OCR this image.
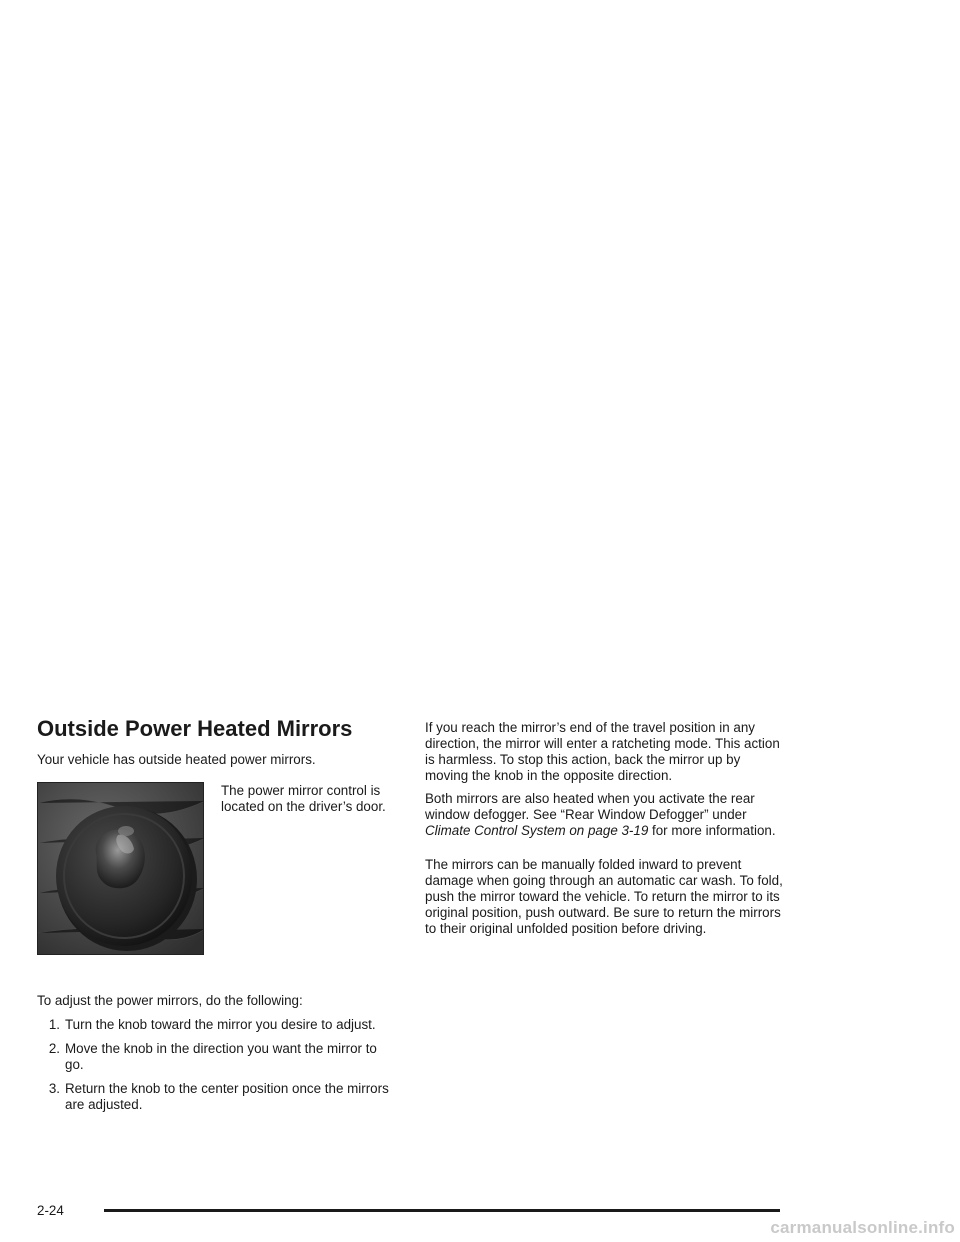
Outside Power Heated Mirrors

Your vehicle has outside heated power mirrors.

The power mirror control is located on the driver’s door.

To adjust the power mirrors, do the following:

1. Turn the knob toward the mirror you desire to adjust.
2. Move the knob in the direction you want the mirror to go.
3. Return the knob to the center position once the mirrors are adjusted.

If you reach the mirror’s end of the travel position in any direction, the mirror will enter a ratcheting mode. This action is harmless. To stop this action, back the mirror up by moving the knob in the opposite direction.

Both mirrors are also heated when you activate the rear window defogger. See “Rear Window Defogger” under Climate Control System on page 3-19 for more information.

The mirrors can be manually folded inward to prevent damage when going through an automatic car wash. To fold, push the mirror toward the vehicle. To return the mirror to its original position, push outward. Be sure to return the mirrors to their original unfolded position before driving.

2-24
carmanualsonline.info
